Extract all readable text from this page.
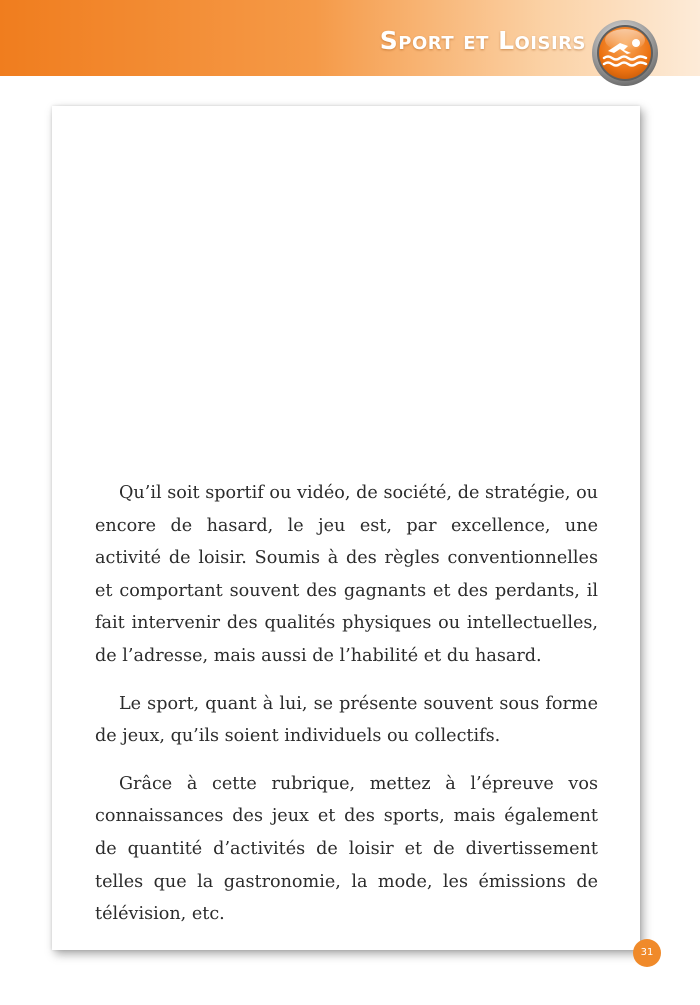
Sport et Loisirs

Qu’il soit sportif ou vidéo, de société, de stratégie, ou encore de hasard, le jeu est, par excellence, une activité de loisir. Soumis à des règles conventionnelles et comportant souvent des gagnants et des perdants, il fait intervenir des qualités physiques ou intellectuelles, de l’adresse, mais aussi de l’habilité et du hasard.

Le sport, quant à lui, se présente souvent sous forme de jeux, qu’ils soient individuels ou collectifs.

Grâce à cette rubrique, mettez à l’épreuve vos connaissances des jeux et des sports, mais également de quantité d’activités de loisir et de divertissement telles que la gastronomie, la mode, les émissions de télévision, etc.

31
